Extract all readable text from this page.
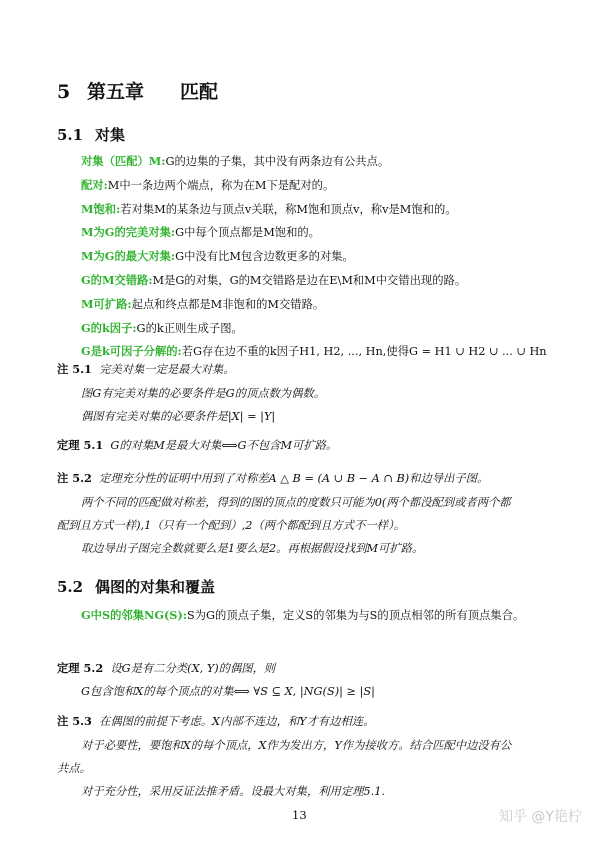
5 第五章 匹配
5.1 对集
对集（匹配）M:G的边集的子集，其中没有两条边有公共点。
配对:M中一条边两个端点，称为在M下是配对的。
M饱和:若对集M的某条边与顶点v关联，称M饱和顶点v，称v是M饱和的。
M为G的完美对集:G中每个顶点都是M饱和的。
M为G的最大对集:G中没有比M包含边数更多的对集。
G的M交错路:M是G的对集，G的M交错路是边在E\M和M中交错出现的路。
M可扩路:起点和终点都是M非饱和的M交错路。
G的k因子:G的k正则生成子图。
G是k可因子分解的:若G存在边不重的k因子H1, H2, ..., Hn,使得G = H1 ∪ H2 ∪ ... ∪ Hn
注 5.1 完美对集一定是最大对集。
图G有完美对集的必要条件是G的顶点数为偶数。
偶图有完美对集的必要条件是|X| = |Y|
定理 5.1 G的对集M是最大对集⟺G不包含M可扩路。
注 5.2 定理充分性的证明中用到了对称差A △ B = (A ∪ B − A ∩ B)和边导出子图。
两个不同的匹配做对称差，得到的图的顶点的度数只可能为0(两个都没配到或者两个都
配到且方式一样),1（只有一个配到）,2（两个都配到且方式不一样）。
取边导出子图完全数就要么是1要么是2。再根据假设找到M可扩路。
5.2 偶图的对集和覆盖
G中S的邻集NG(S):S为G的顶点子集，定义S的邻集为与S的顶点相邻的所有顶点集合。
定理 5.2 设G是有二分类(X, Y)的偶图，则
G包含饱和X的每个顶点的对集⟺ ∀S ⊆ X, |NG(S)| ≥ |S|
注 5.3 在偶图的前提下考虑。X内部不连边，和Y才有边相连。
对于必要性，要饱和X的每个顶点，X作为发出方，Y作为接收方。结合匹配中边没有公
共点。
对于充分性，采用反证法推矛盾。设最大对集，利用定理5.1.
13	知乎 @Y艳柠
